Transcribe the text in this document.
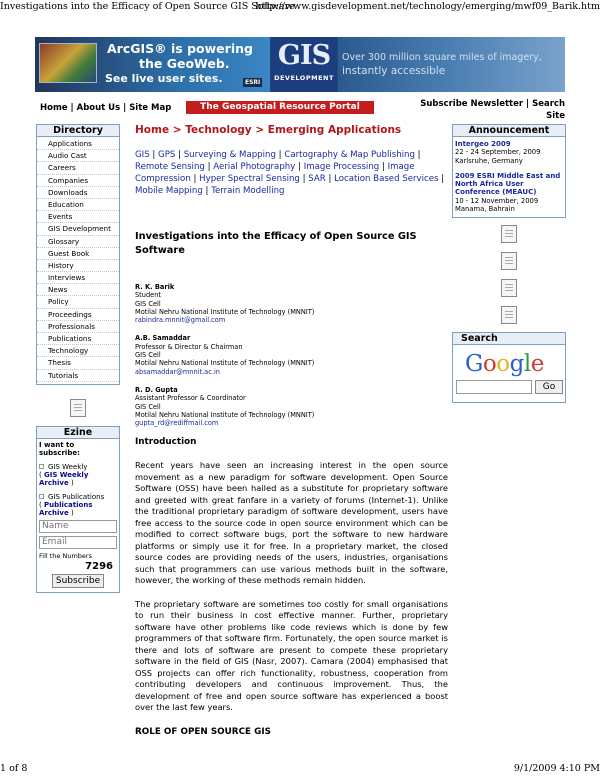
Investigations into the Efficacy of Open Source GIS Software
http://www.gisdevelopment.net/technology/emerging/mwf09_Barik.htm
ArcGIS® is powering
the GeoWeb.
See live user sites.	ESRI
GIS
DEVELOPMENT
Over 300 million square miles of imagery,
instantly accessible
Home | About Us | Site Map	The Geospatial Resource Portal	Subscribe Newsletter | Search Site
Directory
Applications
Audio Cast
Careers
Companies
Downloads
Education
Events
GIS Development
Glossary
Guest Book
History
Interviews
News
Policy
Proceedings
Professionals
Publications
Technology
Thesis
Tutorials
Ezine
I want to subscribe:
GIS Weekly
( GIS Weekly Archive )
GIS Publications
( Publications Archive )
Name
Email
Fill the Numbers
7296
Subscribe
Home > Technology > Emerging Applications
GIS | GPS | Surveying & Mapping | Cartography & Map Publishing | Remote Sensing | Aerial Photography | Image Processing | Image Compression | Hyper Spectral Sensing | SAR | Location Based Services | Mobile Mapping | Terrain Modelling
Investigations into the Efficacy of Open Source GIS Software
R. K. Barik
Student
GIS Cell
Motilal Nehru National Institute of Technology (MNNIT)
rabindra.mnnit@gmail.com
A.B. Samaddar
Professor & Director & Chairman
GIS Cell
Motilal Nehru National Institute of Technology (MNNIT)
absamaddar@mnnit.ac.in
R. D. Gupta
Assistant Professor & Coordinator
GIS Cell
Motilal Nehru National Institute of Technology (MNNIT)
gupta_rd@rediffmail.com
Introduction
Recent years have seen an increasing interest in the open source movement as a new paradigm for software development. Open Source Software (OSS) have been hailed as a substitute for proprietary software and greeted with great fanfare in a variety of forums (Internet-1). Unlike the traditional proprietary paradigm of software development, users have free access to the source code in open source environment which can be modified to correct software bugs, port the software to new hardware platforms or simply use it for free. In a proprietary market, the closed source codes are providing needs of the users, industries, organisations such that programmers can use various methods built in the software, however, the working of these methods remain hidden.
The proprietary software are sometimes too costly for small organisations to run their business in cost effective manner. Further, proprietary software have other problems like code reviews which is done by few programmers of that software firm. Fortunately, the open source market is there and lots of software are present to compete these proprietary software in the field of GIS (Nasr, 2007). Camara (2004) emphasised that OSS projects can offer rich functionality, robustness, cooperation from contributing developers and continuous improvement. Thus, the development of free and open source software has experienced a boost over the last few years.
ROLE OF OPEN SOURCE GIS
Announcement
Intergeo 2009
22 - 24 September, 2009
Karlsruhe, Germany
2009 ESRI Middle East and North Africa User Conference (MEAUC)
10 - 12 November, 2009
Manama, Bahrain
Search
Google
Go
1 of 8	9/1/2009 4:10 PM
